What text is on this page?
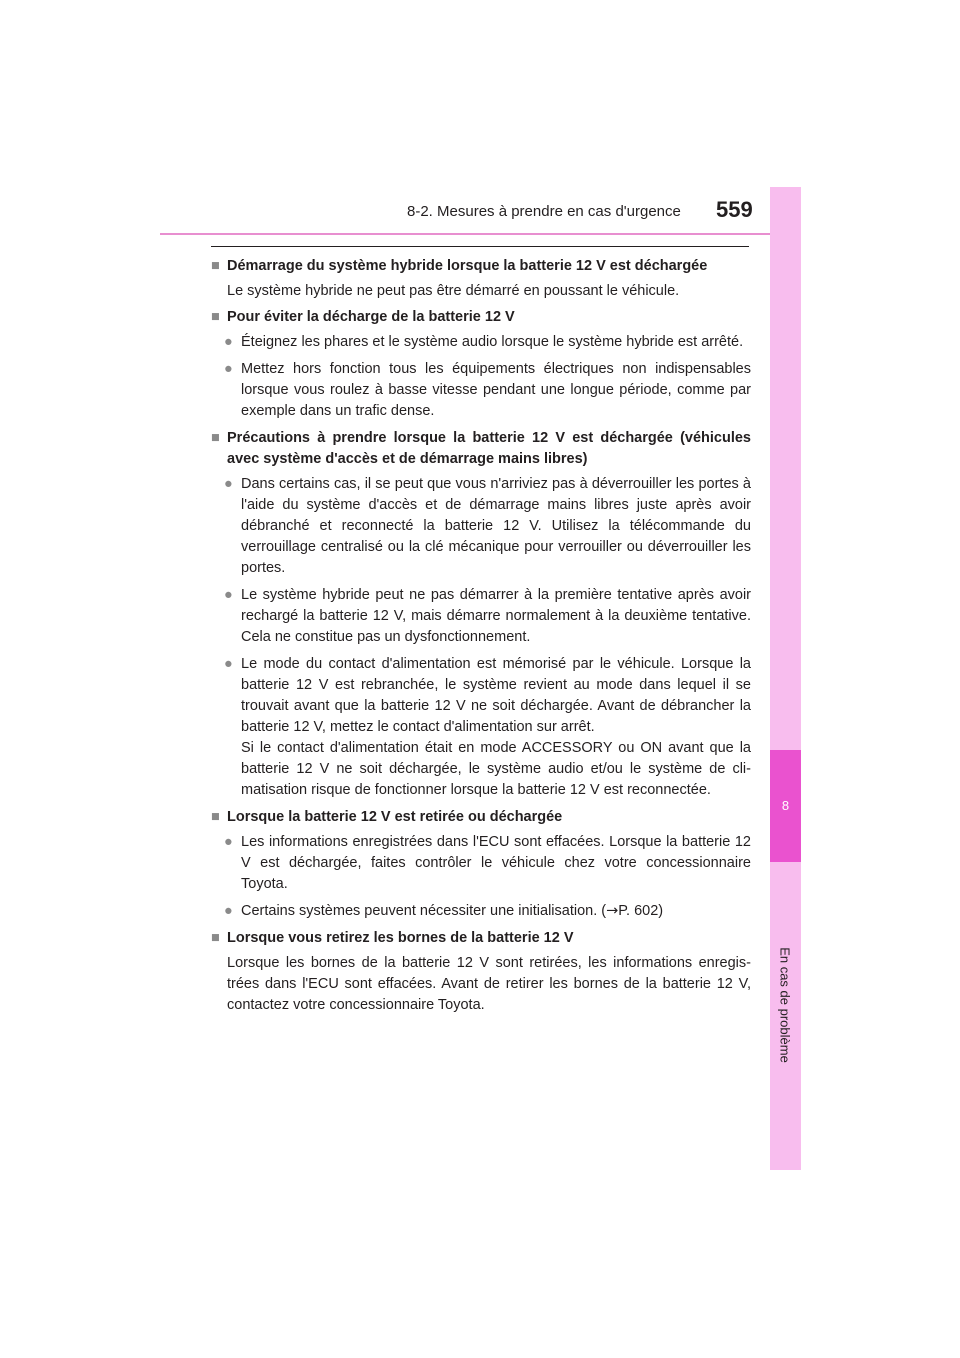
8-2. Mesures à prendre en cas d'urgence 559
8
En cas de problème
■ Démarrage du système hybride lorsque la batterie 12 V est déchargée
Le système hybride ne peut pas être démarré en poussant le véhicule.
■ Pour éviter la décharge de la batterie 12 V
● Éteignez les phares et le système audio lorsque le système hybride est arrêté.
● Mettez hors fonction tous les équipements électriques non indispensables lorsque vous roulez à basse vitesse pendant une longue période, comme par exemple dans un trafic dense.
■ Précautions à prendre lorsque la batterie 12 V est déchargée (véhicules avec système d'accès et de démarrage mains libres)
● Dans certains cas, il se peut que vous n'arriviez pas à déverrouiller les portes à l'aide du système d'accès et de démarrage mains libres juste après avoir débranché et reconnecté la batterie 12 V. Utilisez la télécommande du verrouillage centralisé ou la clé mécanique pour verrouiller ou déverrouiller les portes.
● Le système hybride peut ne pas démarrer à la première tentative après avoir rechargé la batterie 12 V, mais démarre normalement à la deuxième tentative. Cela ne constitue pas un dysfonctionnement.
● Le mode du contact d'alimentation est mémorisé par le véhicule. Lorsque la batterie 12 V est rebranchée, le système revient au mode dans lequel il se trouvait avant que la batterie 12 V ne soit déchargée. Avant de débrancher la batterie 12 V, mettez le contact d'alimentation sur arrêt.
Si le contact d'alimentation était en mode ACCESSORY ou ON avant que la batterie 12 V ne soit déchargée, le système audio et/ou le système de cli-matisation risque de fonctionner lorsque la batterie 12 V est reconnectée.
■ Lorsque la batterie 12 V est retirée ou déchargée
● Les informations enregistrées dans l'ECU sont effacées. Lorsque la batterie 12 V est déchargée, faites contrôler le véhicule chez votre concessionnaire Toyota.
● Certains systèmes peuvent nécessiter une initialisation. (→P. 602)
■ Lorsque vous retirez les bornes de la batterie 12 V
Lorsque les bornes de la batterie 12 V sont retirées, les informations enregis-trées dans l'ECU sont effacées. Avant de retirer les bornes de la batterie 12 V, contactez votre concessionnaire Toyota.
